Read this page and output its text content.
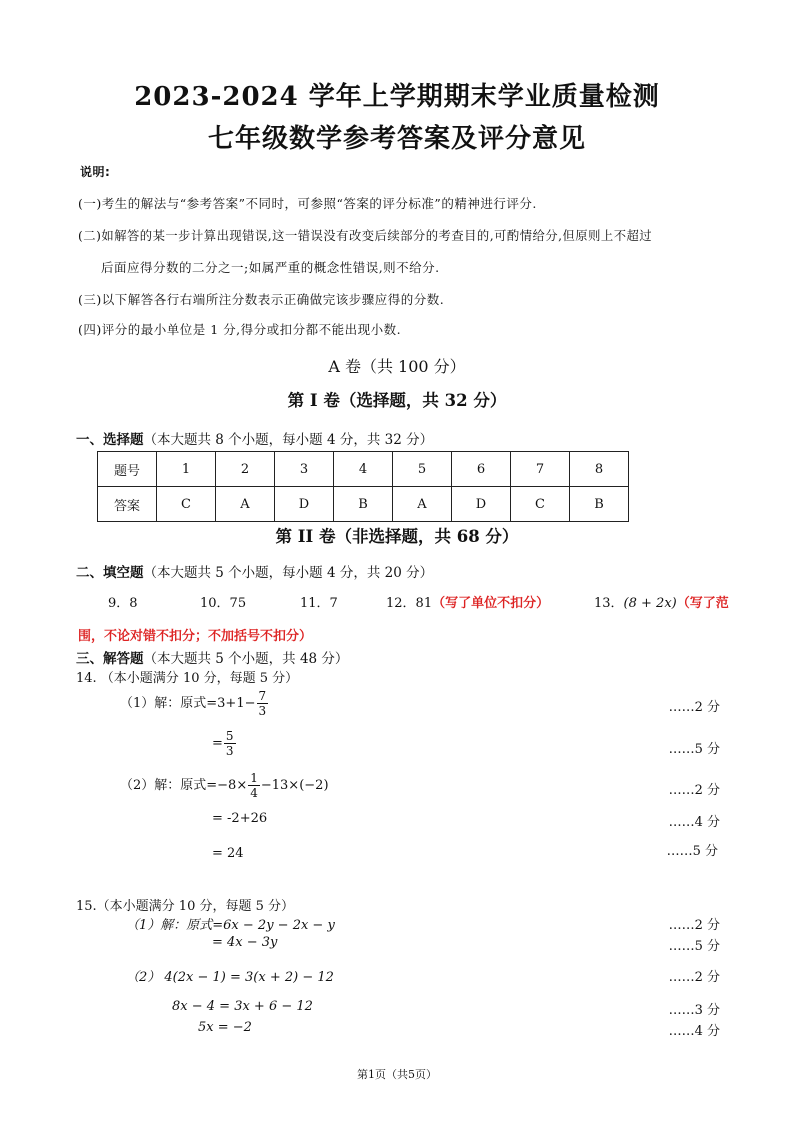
2023-2024 学年上学期期末学业质量检测
七年级数学参考答案及评分意见
说明:
(一)考生的解法与“参考答案”不同时，可参照“答案的评分标准”的精神进行评分.
(二)如解答的某一步计算出现错误,这一错误没有改变后续部分的考查目的,可酌情给分,但原则上不超过
后面应得分数的二分之一;如属严重的概念性错误,则不给分.
(三)以下解答各行右端所注分数表示正确做完该步骤应得的分数.
(四)评分的最小单位是 1 分,得分或扣分都不能出现小数.
A 卷（共 100 分）
第 I 卷（选择题，共 32 分）
一、选择题（本大题共 8 个小题，每小题 4 分，共 32 分）
题号	1	2	3	4	5	6	7	8
答案	C	A	D	B	A	D	C	B
第 II 卷（非选择题，共 68 分）
二、填空题（本大题共 5 个小题，每小题 4 分，共 20 分）
9．8	10．75	11．7	12．81（写了单位不扣分）	13．(8 + 2x)（写了范
围，不论对错不扣分；不加括号不扣分）
三、解答题（本大题共 5 个小题，共 48 分）
14. （本小题满分 10 分，每题 5 分）
（1）解：原式$=3+1- \frac{7}{3}$	……2 分
= $\frac{5}{3}$	……5 分
（2）解：原式$=-8\times \frac{1}{4} -13\times(-2)$	……2 分
= -2+26	……4 分
= 24	……5 分
15.（本小题满分 10 分，每题 5 分）
（1）解：原式=6x − 2y − 2x − y	……2 分
= 4x − 3y	……5 分
（2） 4(2x − 1) = 3(x + 2) − 12	……2 分
8x − 4 = 3x + 6 − 12	……3 分
5x = −2	……4 分
第1页（共5页）
